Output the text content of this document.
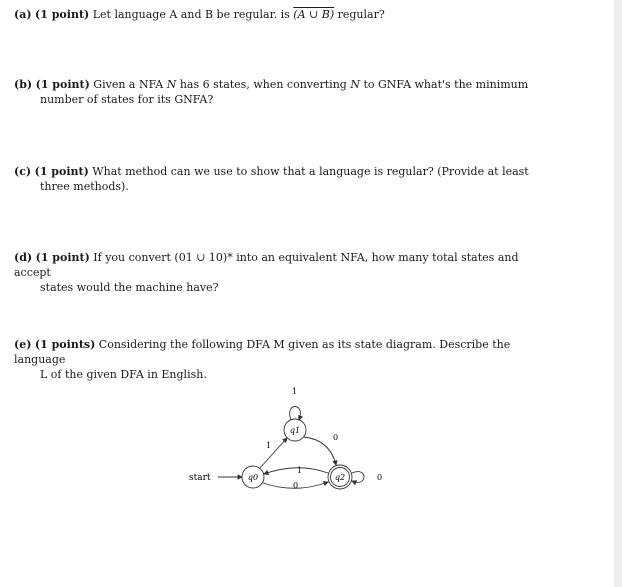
(a) (1 point) Let language A and B be regular. is (A ∪ B) regular?
(b) (1 point) Given a NFA N has 6 states, when converting N to GNFA what's the minimum
number of states for its GNFA?
(c) (1 point) What method can we use to show that a language is regular? (Provide at least
three methods).
(d) (1 point) If you convert (01 ∪ 10)* into an equivalent NFA, how many total states and accept
states would the machine have?
(e) (1 points) Considering the following DFA M given as its state diagram. Describe the language
L of the given DFA in English.
start	q0
q1
q2
1
1
0
0
1
0
